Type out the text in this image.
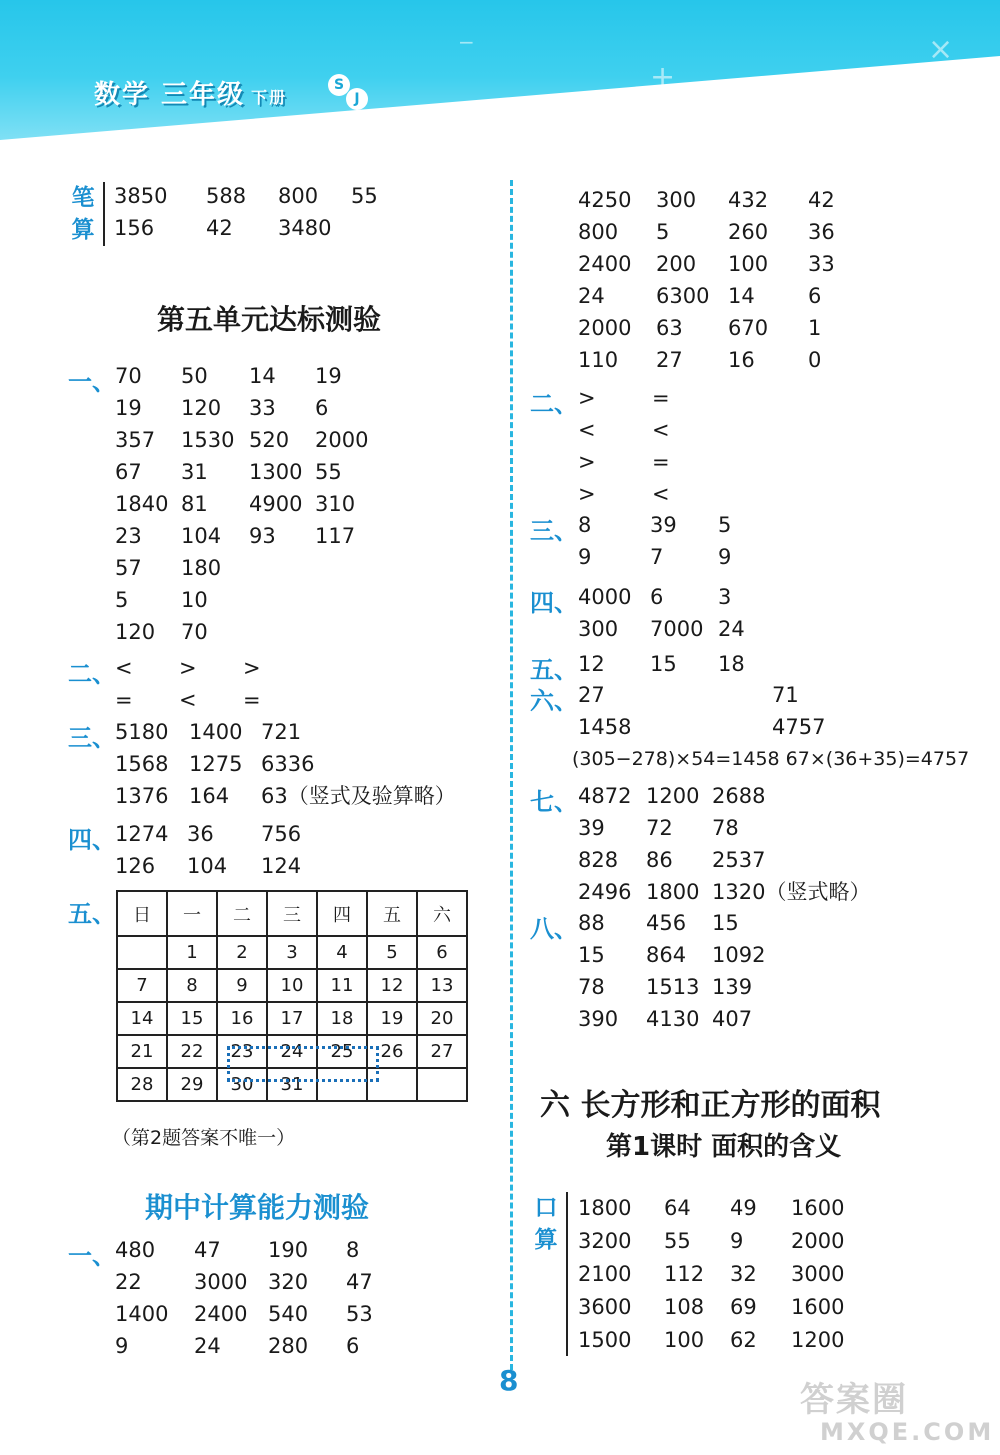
数学 三年级 下册
S
J
+
×
−
笔
算
3850 588 800 55
156 42 3480
第五单元达标测验
一、 70 50 14 19
19 120 33 6
357 1530 520 2000
67 31 1300 55
1840 81 4900 310
23 104 93 117
57 180
5	10
120 70
二、 < > >
= < =
三、 5180 1400 721
1568 1275 6336
1376 164 63（竖式及验算略）
四、 1274 36 756
126 104 124
五、 日	一	二	三	四	五	六
	1	2	3	4	5	6
7	8	9	10	11	12	13
14	15	16	17	18	19	20
21	22	23	24	25	26	27
28	29	30	31			
（第2题答案不唯一）
期中计算能力测验
一、 480 47 190 8
22 3000 320 47
1400 2400 540 53
9	24 280 6
4250 300 432 42
800 5	260 36
2400 200 100 33
24 6300 14	6
2000 63 670 1
110 27 16	0
二、 >	=
<	<
>	=
>	<
三、 8	39 5
9	7	9
四、 4000 6	3
300 7000 24
五、 12 15 18
六、 27	71
1458	4757
(305−278)×54=1458 67×(36+35)=4757
七、 4872 1200 2688
39 72 78
828 86 2537
2496 1800 1320（竖式略）
八、 88 456 15
15 864 1092
78 1513 139
390 4130 407
六 长方形和正方形的面积
第1课时 面积的含义
口
算
1800 64 49 1600
3200 55 9 2000
2100 112 32 3000
3600 108 69 1600
1500 100 62 1200
8	答案圈
MXQE.COM
